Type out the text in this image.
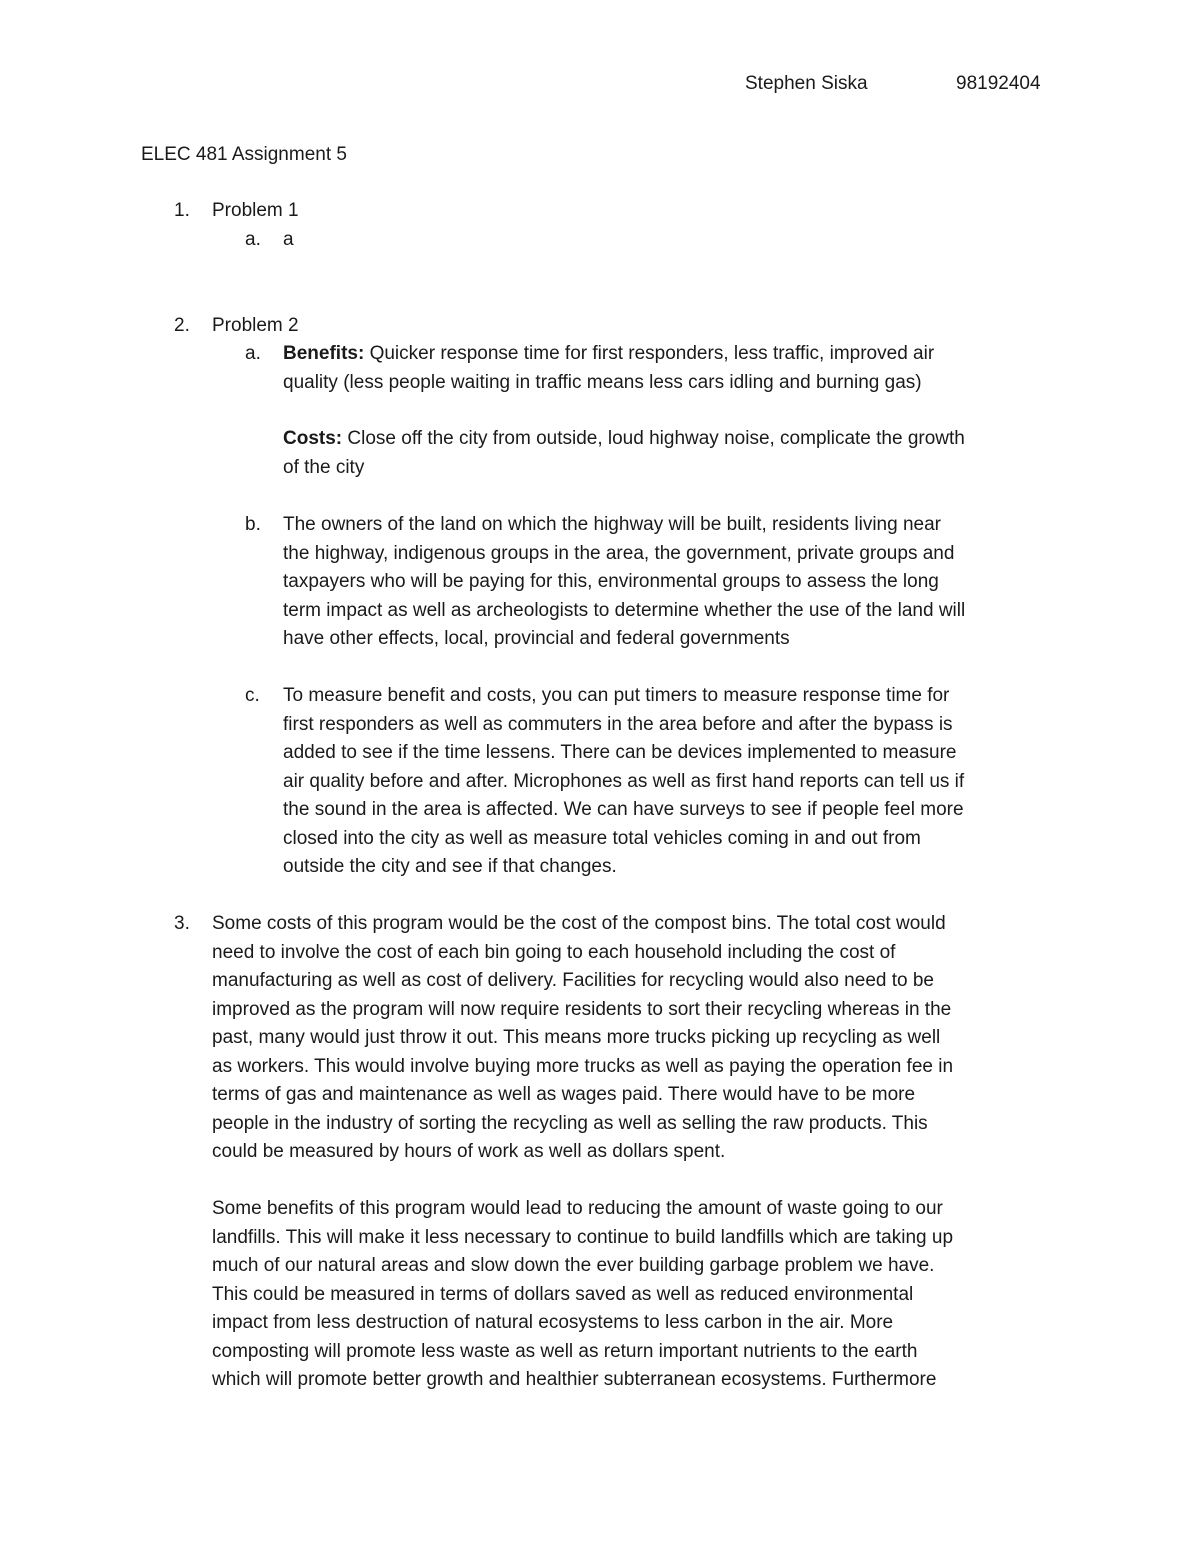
Stephen Siska	98192404
ELEC 481 Assignment 5
1. Problem 1
a. a
2. Problem 2
a. Benefits: Quicker response time for first responders, less traffic, improved air
quality (less people waiting in traffic means less cars idling and burning gas)
Costs: Close off the city from outside, loud highway noise, complicate the growth
of the city
b. The owners of the land on which the highway will be built, residents living near
the highway, indigenous groups in the area, the government, private groups and
taxpayers who will be paying for this, environmental groups to assess the long
term impact as well as archeologists to determine whether the use of the land will
have other effects, local, provincial and federal governments
c. To measure benefit and costs, you can put timers to measure response time for
first responders as well as commuters in the area before and after the bypass is
added to see if the time lessens. There can be devices implemented to measure
air quality before and after. Microphones as well as first hand reports can tell us if
the sound in the area is affected. We can have surveys to see if people feel more
closed into the city as well as measure total vehicles coming in and out from
outside the city and see if that changes.
3. Some costs of this program would be the cost of the compost bins. The total cost would
need to involve the cost of each bin going to each household including the cost of
manufacturing as well as cost of delivery. Facilities for recycling would also need to be
improved as the program will now require residents to sort their recycling whereas in the
past, many would just throw it out. This means more trucks picking up recycling as well
as workers. This would involve buying more trucks as well as paying the operation fee in
terms of gas and maintenance as well as wages paid. There would have to be more
people in the industry of sorting the recycling as well as selling the raw products. This
could be measured by hours of work as well as dollars spent.
Some benefits of this program would lead to reducing the amount of waste going to our
landfills. This will make it less necessary to continue to build landfills which are taking up
much of our natural areas and slow down the ever building garbage problem we have.
This could be measured in terms of dollars saved as well as reduced environmental
impact from less destruction of natural ecosystems to less carbon in the air. More
composting will promote less waste as well as return important nutrients to the earth
which will promote better growth and healthier subterranean ecosystems. Furthermore
